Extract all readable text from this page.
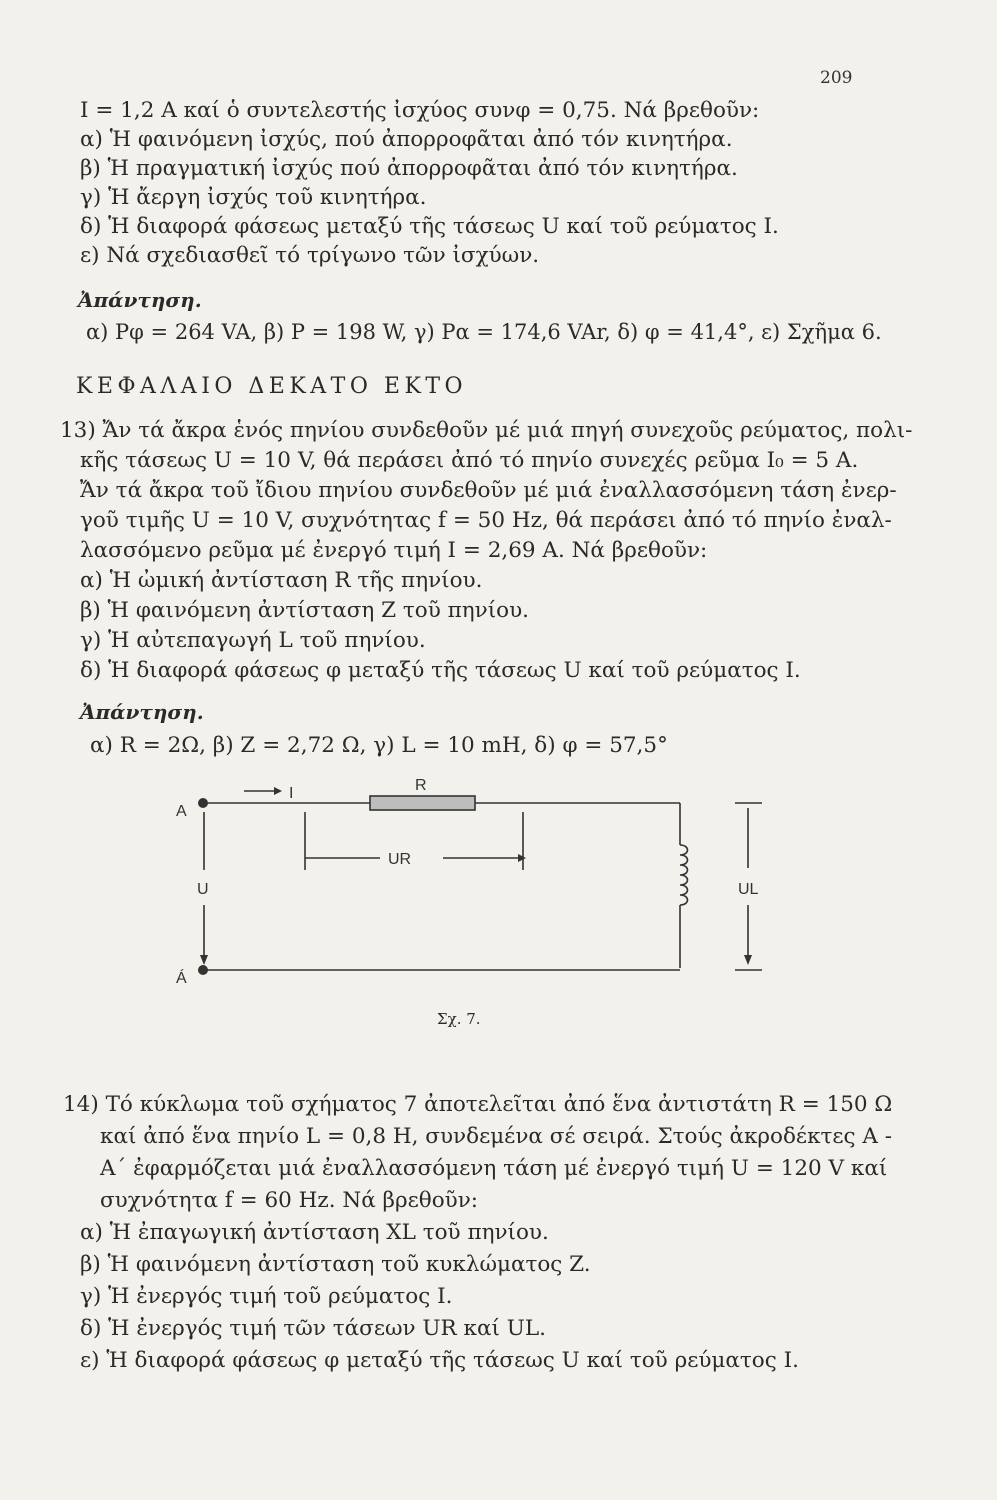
209
I = 1,2 A καί ὁ συντελεστής ἰσχύος συνφ = 0,75. Νά βρεθοῦν:
α) Ἡ φαινόμενη ἰσχύς, πού ἀπορροφᾶται ἀπό τόν κινητήρα.
β) Ἡ πραγματική ἰσχύς πού ἀπορροφᾶται ἀπό τόν κινητήρα.
γ) Ἡ ἄεργη ἰσχύς τοῦ κινητήρα.
δ) Ἡ διαφορά φάσεως μεταξύ τῆς τάσεως U καί τοῦ ρεύματος I.
ε) Νά σχεδιασθεῖ τό τρίγωνο τῶν ἰσχύων.
Ἀπάντηση.
α) Pφ = 264 VA, β) P = 198 W, γ) Pα = 174,6 VAr, δ) φ = 41,4°, ε) Σχῆμα 6.
ΚΕΦΑΛΑΙΟ ΔΕΚΑΤΟ ΕΚΤΟ
13) Ἄν τά ἄκρα ἑνός πηνίου συνδεθοῦν μέ μιά πηγή συνεχοῦς ρεύματος, πολι-
κῆς τάσεως U = 10 V, θά περάσει ἀπό τό πηνίο συνεχές ρεῦμα I₀ = 5 A.
Ἄν τά ἄκρα τοῦ ἴδιου πηνίου συνδεθοῦν μέ μιά ἐναλλασσόμενη τάση ἐνερ-
γοῦ τιμῆς U = 10 V, συχνότητας f = 50 Hz, θά περάσει ἀπό τό πηνίο ἐναλ-
λασσόμενο ρεῦμα μέ ἐνεργό τιμή I = 2,69 A. Νά βρεθοῦν:
α) Ἡ ὠμική ἀντίσταση R τῆς πηνίου.
β) Ἡ φαινόμενη ἀντίσταση Z τοῦ πηνίου.
γ) Ἡ αὐτεπαγωγή L τοῦ πηνίου.
δ) Ἡ διαφορά φάσεως φ μεταξύ τῆς τάσεως U καί τοῦ ρεύματος I.
Ἀπάντηση.
α) R = 2Ω, β) Z = 2,72 Ω, γ) L = 10 mH, δ) φ = 57,5°
A
Á
I	R
U
UR
UL
Σχ. 7.
14) Τό κύκλωμα τοῦ σχήματος 7 ἀποτελεῖται ἀπό ἕνα ἀντιστάτη R = 150 Ω
καί ἀπό ἕνα πηνίο L = 0,8 H, συνδεμένα σέ σειρά. Στούς ἀκροδέκτες A -
A΄ ἐφαρμόζεται μιά ἐναλλασσόμενη τάση μέ ἐνεργό τιμή U = 120 V καί
συχνότητα f = 60 Hz. Νά βρεθοῦν:
α) Ἡ ἐπαγωγική ἀντίσταση XL τοῦ πηνίου.
β) Ἡ φαινόμενη ἀντίσταση τοῦ κυκλώματος Z.
γ) Ἡ ἐνεργός τιμή τοῦ ρεύματος I.
δ) Ἡ ἐνεργός τιμή τῶν τάσεων UR καί UL.
ε) Ἡ διαφορά φάσεως φ μεταξύ τῆς τάσεως U καί τοῦ ρεύματος I.
